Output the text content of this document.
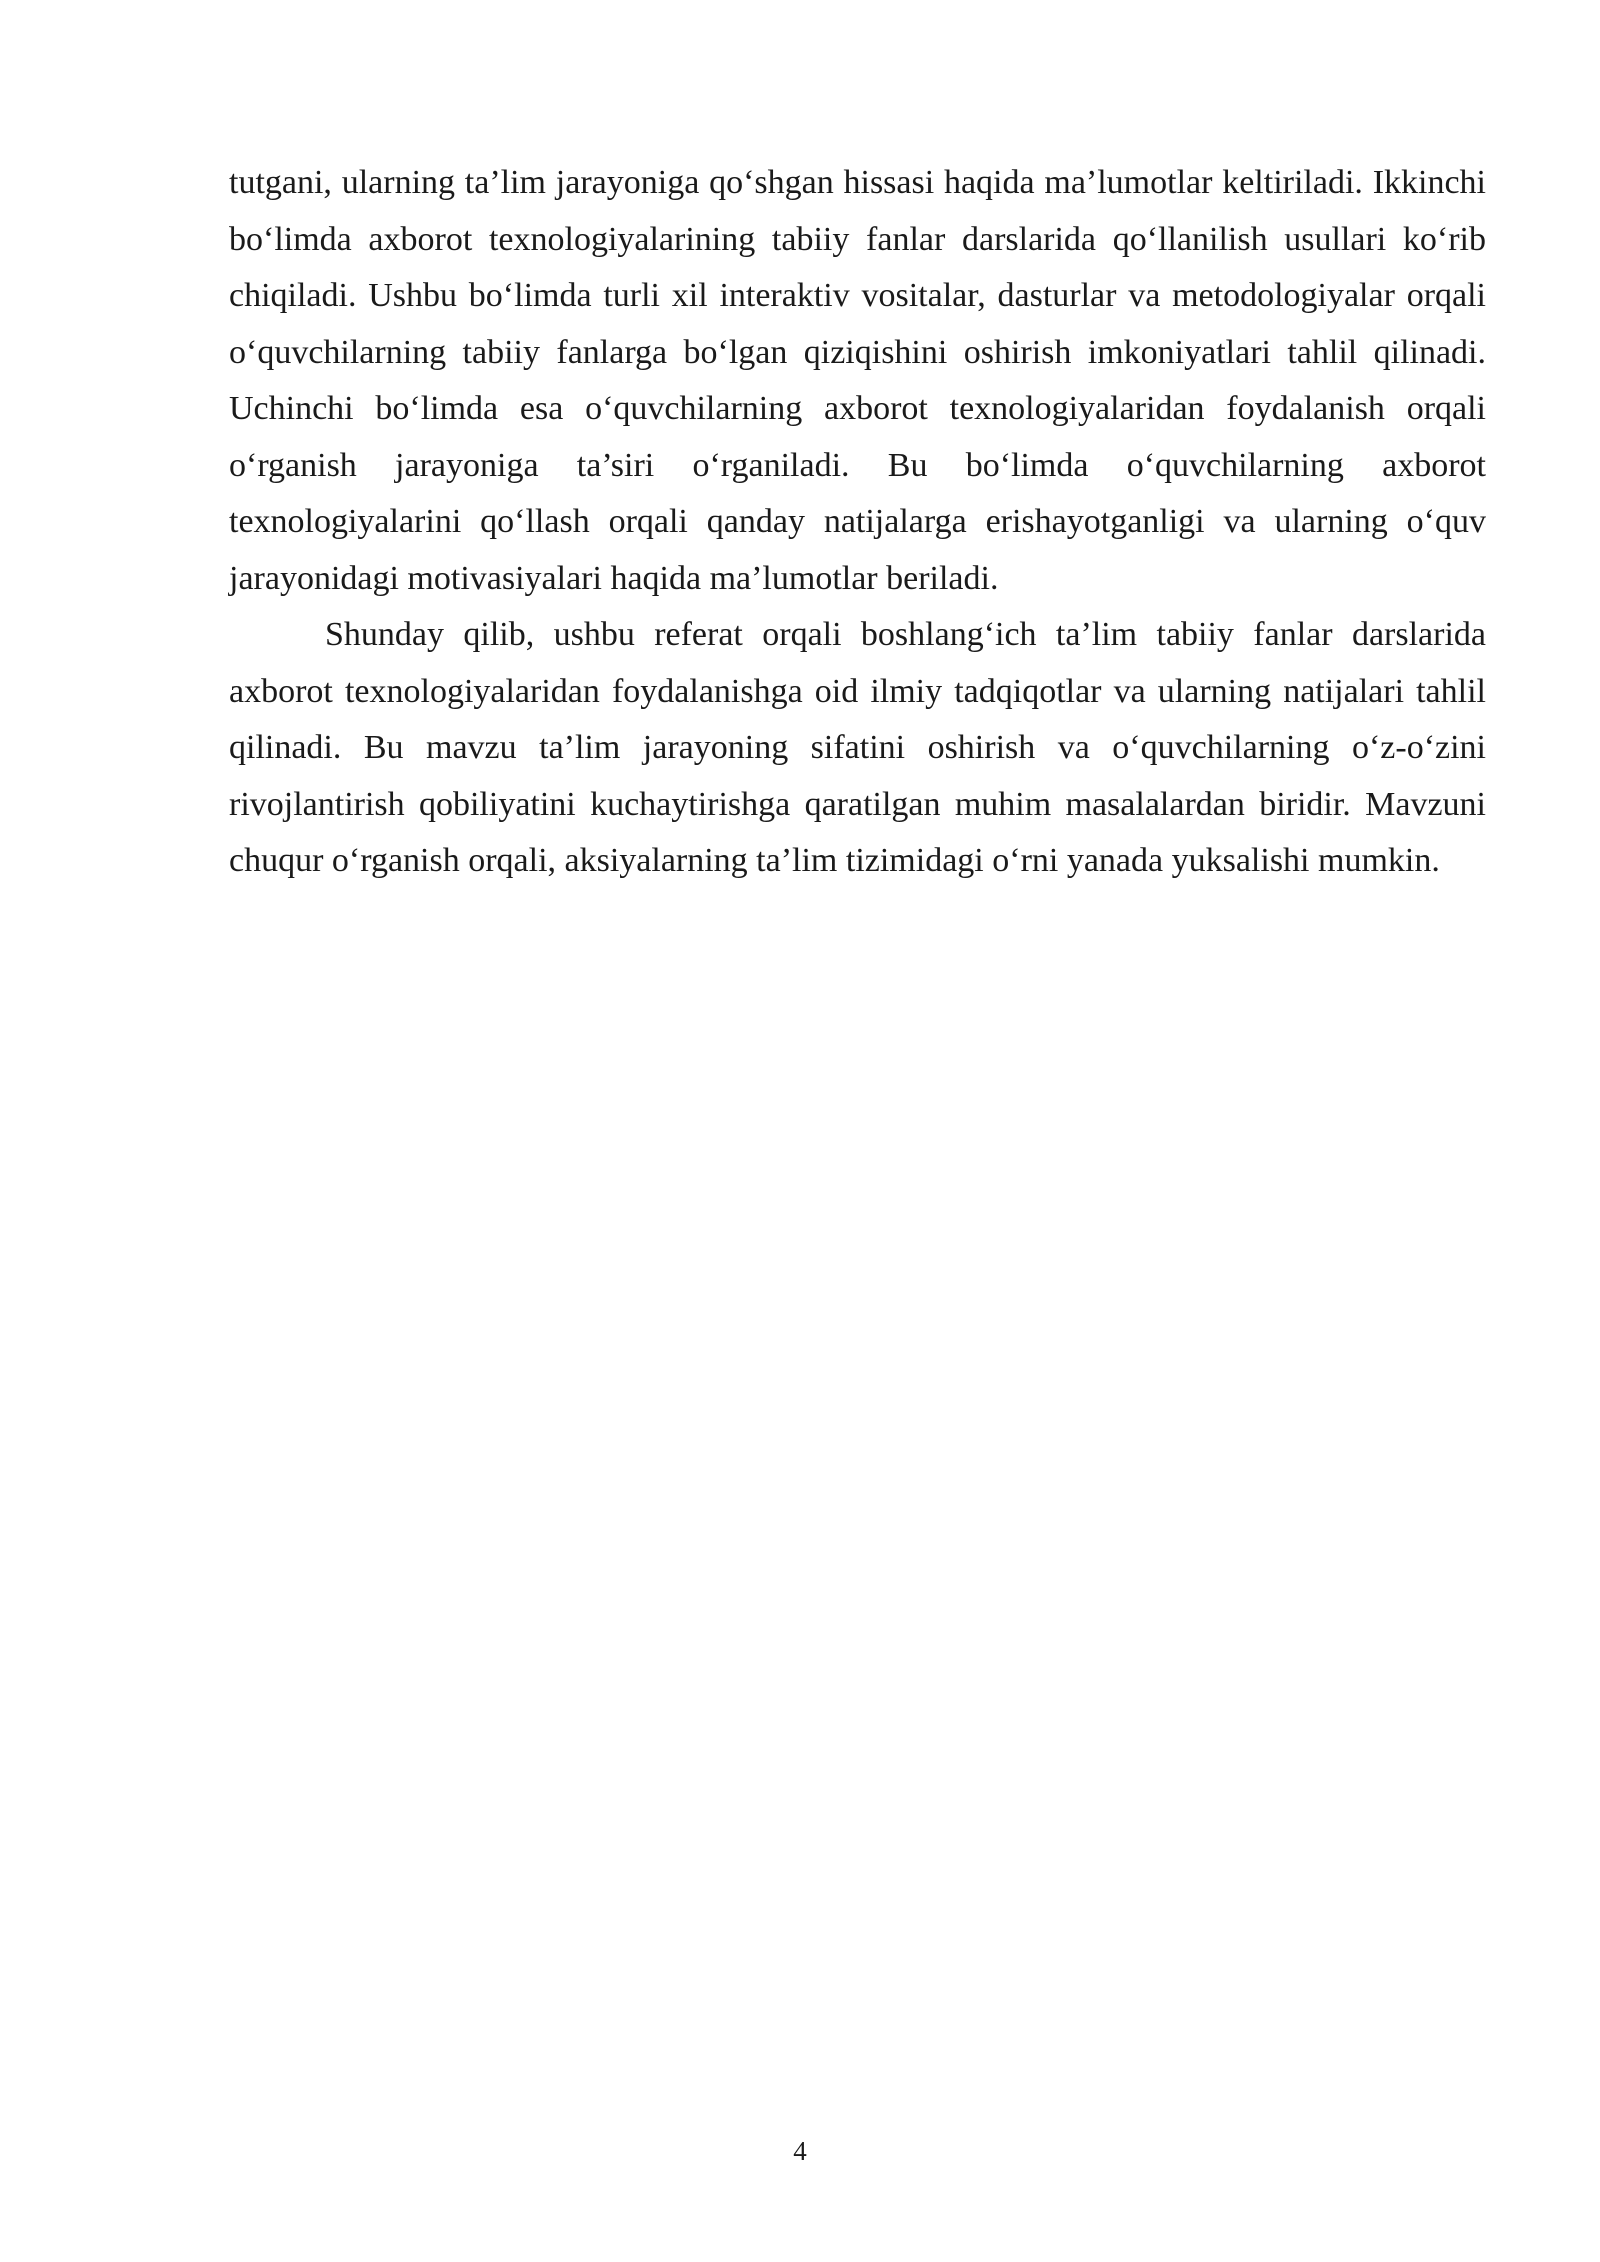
tutgani, ularning ta’lim jarayoniga qo‘shgan hissasi haqida ma’lumotlar keltiriladi. Ikkinchi bo‘limda axborot texnologiyalarining tabiiy fanlar darslarida qo‘llanilish usullari ko‘rib chiqiladi. Ushbu bo‘limda turli xil interaktiv vositalar, dasturlar va metodologiyalar orqali o‘quvchilarning tabiiy fanlarga bo‘lgan qiziqishini oshirish imkoniyatlari tahlil qilinadi. Uchinchi bo‘limda esa o‘quvchilarning axborot texnologiyalaridan foydalanish orqali o‘rganish jarayoniga ta’siri o‘rganiladi. Bu bo‘limda o‘quvchilarning axborot texnologiyalarini qo‘llash orqali qanday natijalarga erishayotganligi va ularning o‘quv jarayonidagi motivasiyalari haqida ma’lumotlar beriladi.

Shunday qilib, ushbu referat orqali boshlang‘ich ta’lim tabiiy fanlar darslarida axborot texnologiyalaridan foydalanishga oid ilmiy tadqiqotlar va ularning natijalari tahlil qilinadi. Bu mavzu ta’lim jarayoning sifatini oshirish va o‘quvchilarning o‘z-o‘zini rivojlantirish qobiliyatini kuchaytirishga qaratilgan muhim masalalardan biridir. Mavzuni chuqur o‘rganish orqali, aksiyalarning ta’lim tizimidagi o‘rni yanada yuksalishi mumkin.

4
